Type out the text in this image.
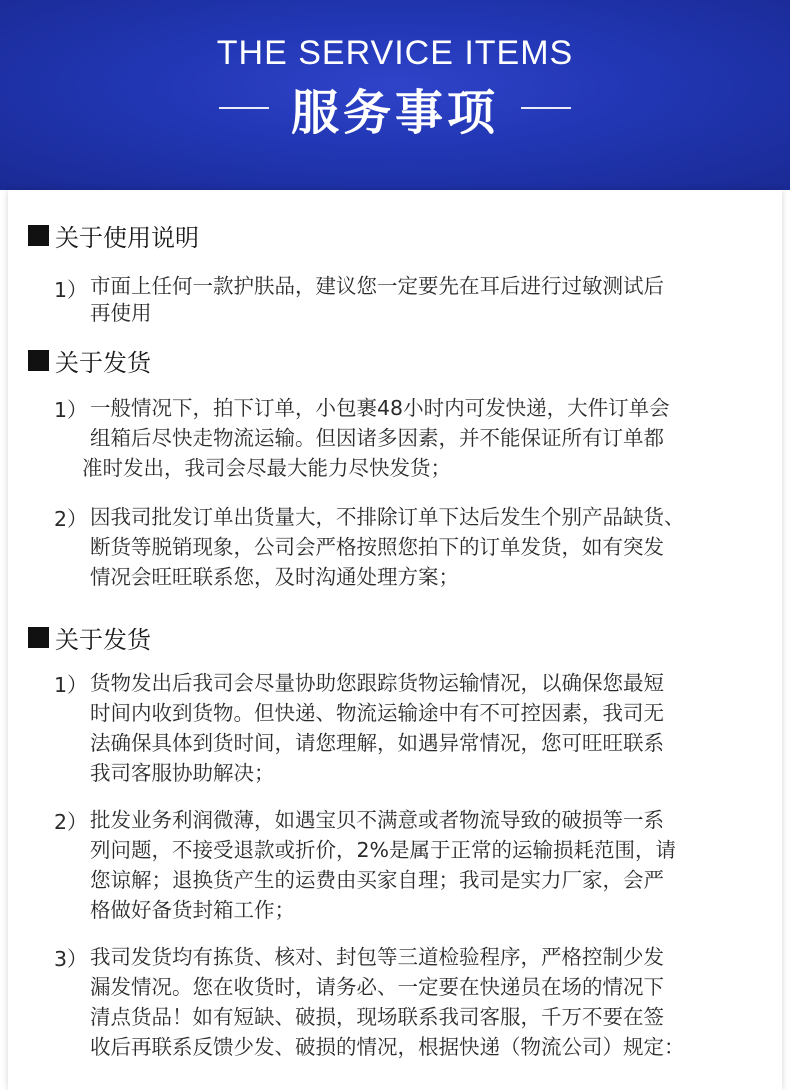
THE SERVICE ITEMS
服务事项
关于使用说明
1） 市面上任何一款护肤品，建议您一定要先在耳后进行过敏测试后
再使用
关于发货
1） 一般情况下，拍下订单，小包裹48小时内可发快递，大件订单会
组箱后尽快走物流运输。但因诸多因素，并不能保证所有订单都
准时发出，我司会尽最大能力尽快发货；
2） 因我司批发订单出货量大，不排除订单下达后发生个别产品缺货、
断货等脱销现象，公司会严格按照您拍下的订单发货，如有突发
情况会旺旺联系您，及时沟通处理方案；
关于发货
1） 货物发出后我司会尽量协助您跟踪货物运输情况，以确保您最短
时间内收到货物。但快递、物流运输途中有不可控因素，我司无
法确保具体到货时间，请您理解，如遇异常情况，您可旺旺联系
我司客服协助解决；
2） 批发业务利润微薄，如遇宝贝不满意或者物流导致的破损等一系
列问题，不接受退款或折价，2%是属于正常的运输损耗范围，请
您谅解；退换货产生的运费由买家自理；我司是实力厂家，会严
格做好备货封箱工作；
3） 我司发货均有拣货、核对、封包等三道检验程序，严格控制少发
漏发情况。您在收货时，请务必、一定要在快递员在场的情况下
清点货品！如有短缺、破损，现场联系我司客服，千万不要在签
收后再联系反馈少发、破损的情况，根据快递（物流公司）规定：
